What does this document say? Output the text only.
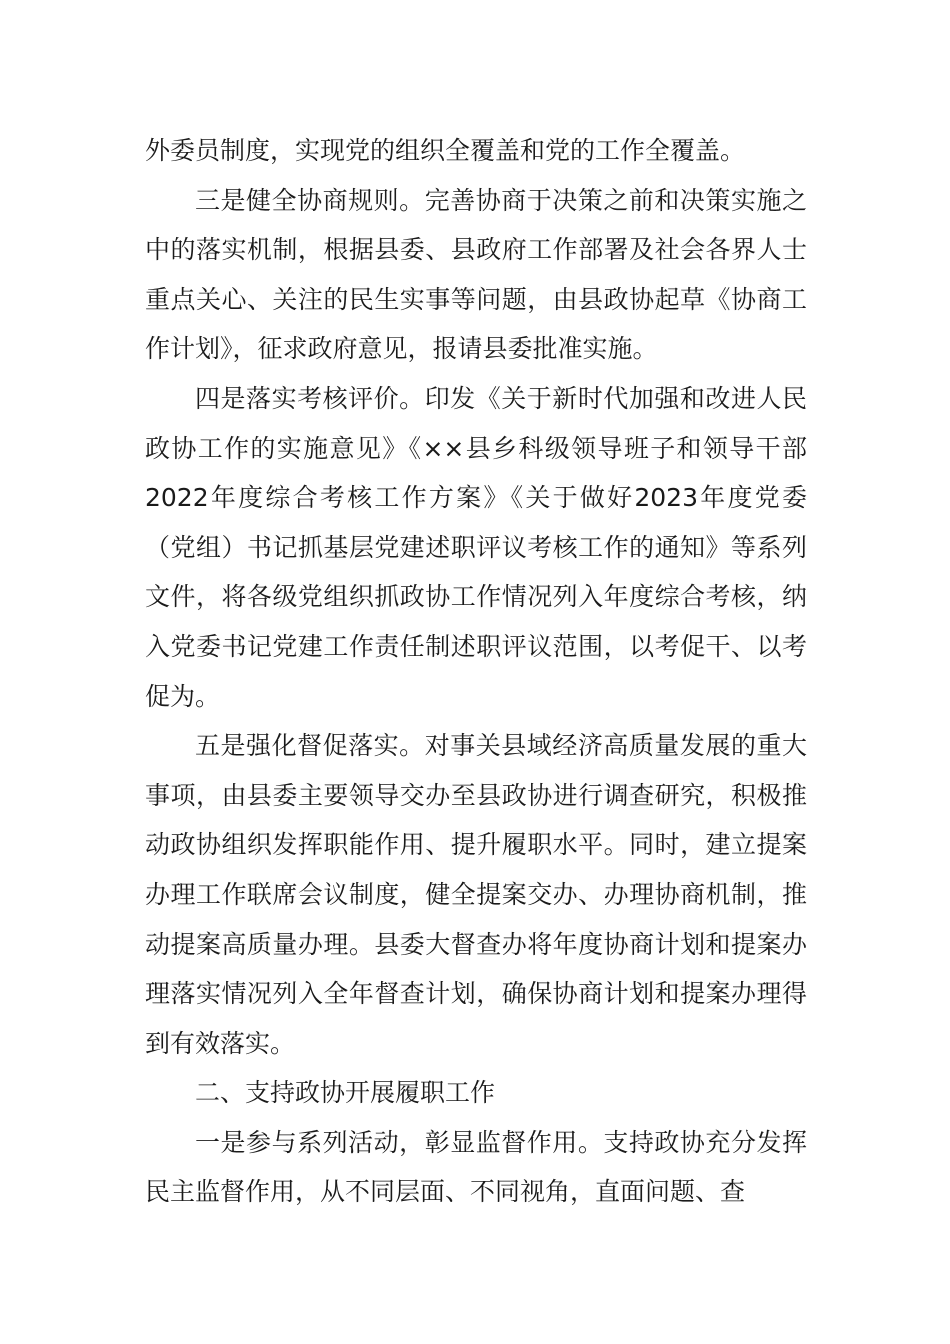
外委员制度，实现党的组织全覆盖和党的工作全覆盖。

三是健全协商规则。完善协商于决策之前和决策实施之中的落实机制，根据县委、县政府工作部署及社会各界人士重点关心、关注的民生实事等问题，由县政协起草《协商工作计划》，征求政府意见，报请县委批准实施。

四是落实考核评价。印发《关于新时代加强和改进人民政协工作的实施意见》《××县乡科级领导班子和领导干部2022年度综合考核工作方案》《关于做好2023年度党委（党组）书记抓基层党建述职评议考核工作的通知》等系列文件，将各级党组织抓政协工作情况列入年度综合考核，纳入党委书记党建工作责任制述职评议范围，以考促干、以考促为。

五是强化督促落实。对事关县域经济高质量发展的重大事项，由县委主要领导交办至县政协进行调查研究，积极推动政协组织发挥职能作用、提升履职水平。同时，建立提案办理工作联席会议制度，健全提案交办、办理协商机制，推动提案高质量办理。县委大督查办将年度协商计划和提案办理落实情况列入全年督查计划，确保协商计划和提案办理得到有效落实。

二、支持政协开展履职工作

一是参与系列活动，彰显监督作用。支持政协充分发挥民主监督作用，从不同层面、不同视角，直面问题、查
